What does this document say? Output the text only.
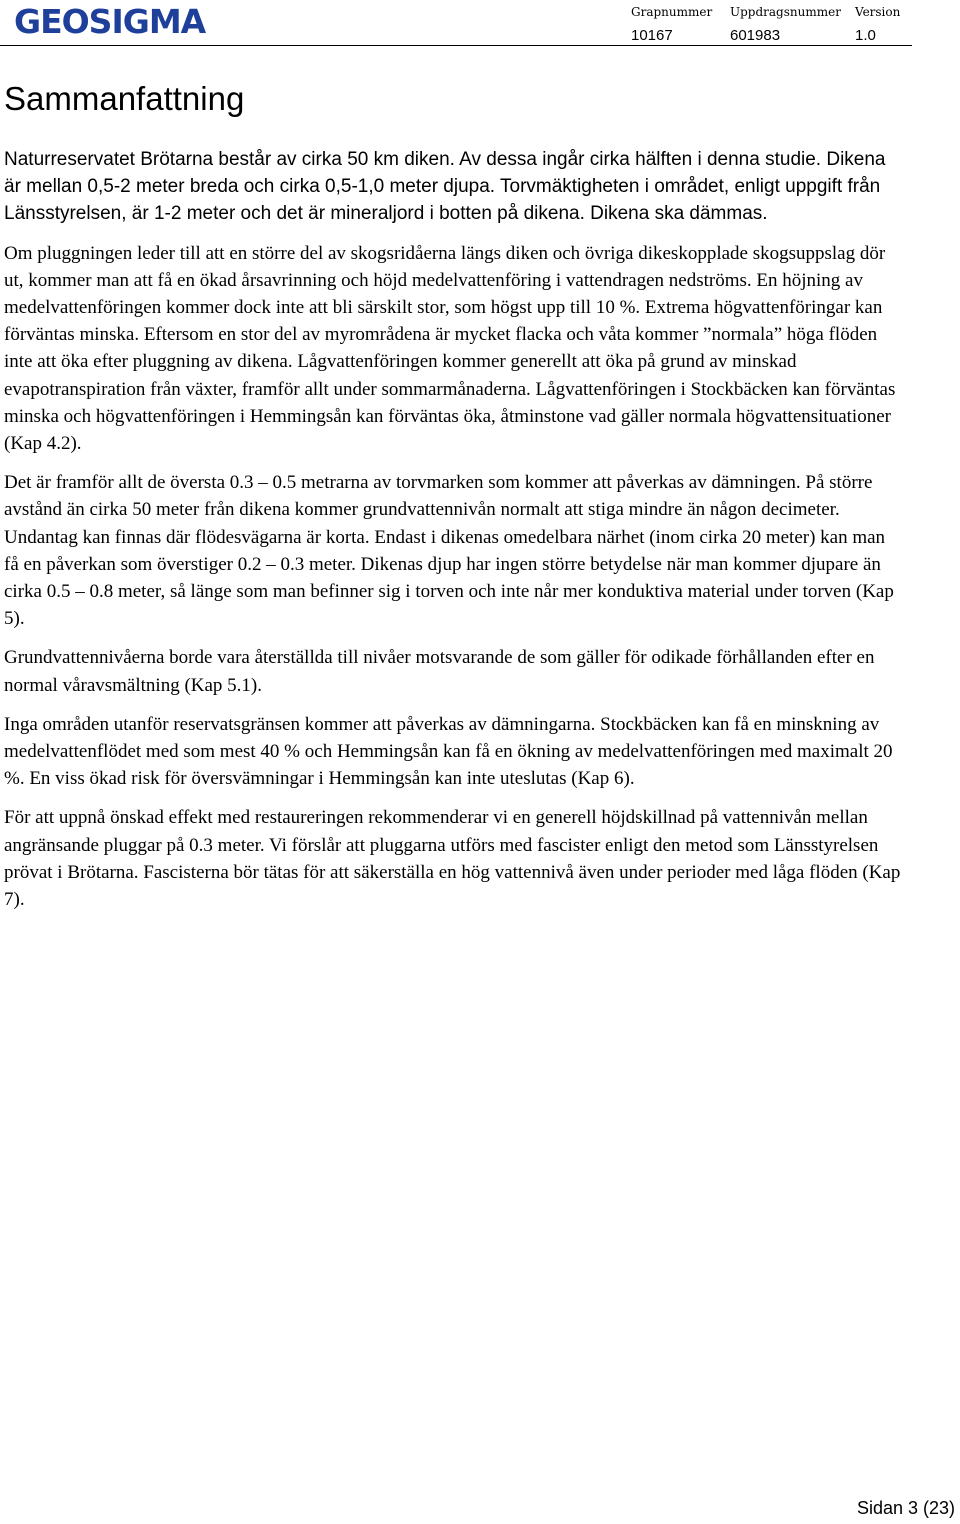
GEOSIGMA	Grapnummer
10167
Uppdragsnummer
601983
Version
1.0
Sammanfattning

Naturreservatet Brötarna består av cirka 50 km diken. Av dessa ingår cirka hälften i denna studie. Dikena är mellan 0,5-2 meter breda och cirka 0,5-1,0 meter djupa. Torvmäktigheten i området, enligt uppgift från Länsstyrelsen, är 1-2 meter och det är mineraljord i botten på dikena. Dikena ska dämmas.

Om pluggningen leder till att en större del av skogsridåerna längs diken och övriga dikeskopplade skogsuppslag dör ut, kommer man att få en ökad årsavrinning och höjd medelvattenföring i vattendragen nedströms. En höjning av medelvattenföringen kommer dock inte att bli särskilt stor, som högst upp till 10 %. Extrema högvattenföringar kan förväntas minska. Eftersom en stor del av myrområdena är mycket flacka och våta kommer ”normala” höga flöden inte att öka efter pluggning av dikena. Lågvattenföringen kommer generellt att öka på grund av minskad evapotranspiration från växter, framför allt under sommarmånaderna. Lågvattenföringen i Stockbäcken kan förväntas minska och högvattenföringen i Hemmingsån kan förväntas öka, åtminstone vad gäller normala högvattensituationer (Kap 4.2).

Det är framför allt de översta 0.3 – 0.5 metrarna av torvmarken som kommer att påverkas av dämningen. På större avstånd än cirka 50 meter från dikena kommer grundvattennivån normalt att stiga mindre än någon decimeter. Undantag kan finnas där flödesvägarna är korta. Endast i dikenas omedelbara närhet (inom cirka 20 meter) kan man få en påverkan som överstiger 0.2 – 0.3 meter. Dikenas djup har ingen större betydelse när man kommer djupare än cirka 0.5 – 0.8 meter, så länge som man befinner sig i torven och inte når mer konduktiva material under torven (Kap 5).

Grundvattennivåerna borde vara återställda till nivåer motsvarande de som gäller för odikade förhållanden efter en normal våravsmältning (Kap 5.1).

Inga områden utanför reservatsgränsen kommer att påverkas av dämningarna. Stockbäcken kan få en minskning av medelvattenflödet med som mest 40 % och Hemmingsån kan få en ökning av medelvattenföringen med maximalt 20 %. En viss ökad risk för översvämningar i Hemmingsån kan inte uteslutas (Kap 6).

För att uppnå önskad effekt med restaureringen rekommenderar vi en generell höjdskillnad på vattennivån mellan angränsande pluggar på 0.3 meter. Vi förslår att pluggarna utförs med fascister enligt den metod som Länsstyrelsen prövat i Brötarna. Fascisterna bör tätas för att säkerställa en hög vattennivå även under perioder med låga flöden (Kap 7).

Sidan 3 (23)
